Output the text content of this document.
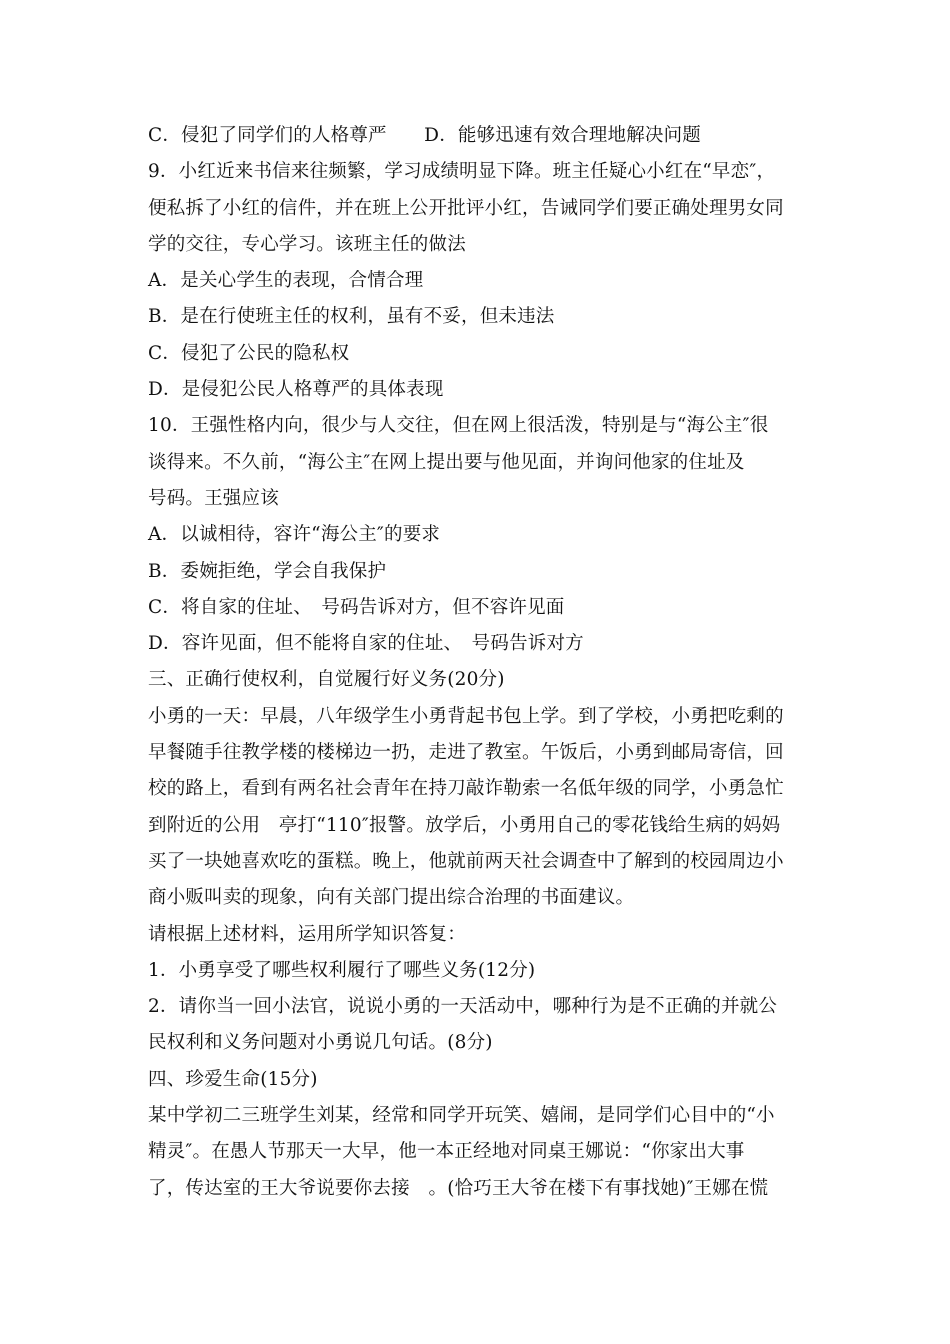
C．侵犯了同学们的人格尊严　　D．能够迅速有效合理地解决问题
9．小红近来书信来往频繁，学习成绩明显下降。班主任疑心小红在“早恋″，
便私拆了小红的信件，并在班上公开批评小红，告诫同学们要正确处理男女同
学的交往，专心学习。该班主任的做法
A．是关心学生的表现，合情合理
B．是在行使班主任的权利，虽有不妥，但未违法
C．侵犯了公民的隐私权
D．是侵犯公民人格尊严的具体表现
10．王强性格内向，很少与人交往，但在网上很活泼，特别是与“海公主″很
谈得来。不久前，“海公主″在网上提出要与他见面，并询问他家的住址及
号码。王强应该
A．以诚相待，容许“海公主″的要求
B．委婉拒绝，学会自我保护
C．将自家的住址、　号码告诉对方，但不容许见面
D．容许见面，但不能将自家的住址、　号码告诉对方
三、正确行使权利，自觉履行好义务(20分)
小勇的一天：早晨，八年级学生小勇背起书包上学。到了学校，小勇把吃剩的
早餐随手往教学楼的楼梯边一扔，走进了教室。午饭后，小勇到邮局寄信，回
校的路上，看到有两名社会青年在持刀敲诈勒索一名低年级的同学，小勇急忙
到附近的公用　亭打“110″报警。放学后，小勇用自己的零花钱给生病的妈妈
买了一块她喜欢吃的蛋糕。晚上，他就前两天社会调查中了解到的校园周边小
商小贩叫卖的现象，向有关部门提出综合治理的书面建议。
请根据上述材料，运用所学知识答复：
1．小勇享受了哪些权利履行了哪些义务(12分)
2．请你当一回小法官，说说小勇的一天活动中，哪种行为是不正确的并就公
民权利和义务问题对小勇说几句话。(8分)
四、珍爱生命(15分)
某中学初二三班学生刘某，经常和同学开玩笑、嬉闹，是同学们心目中的“小
精灵″。在愚人节那天一大早，他一本正经地对同桌王娜说：“你家出大事
了，传达室的王大爷说要你去接　。(恰巧王大爷在楼下有事找她)″王娜在慌
